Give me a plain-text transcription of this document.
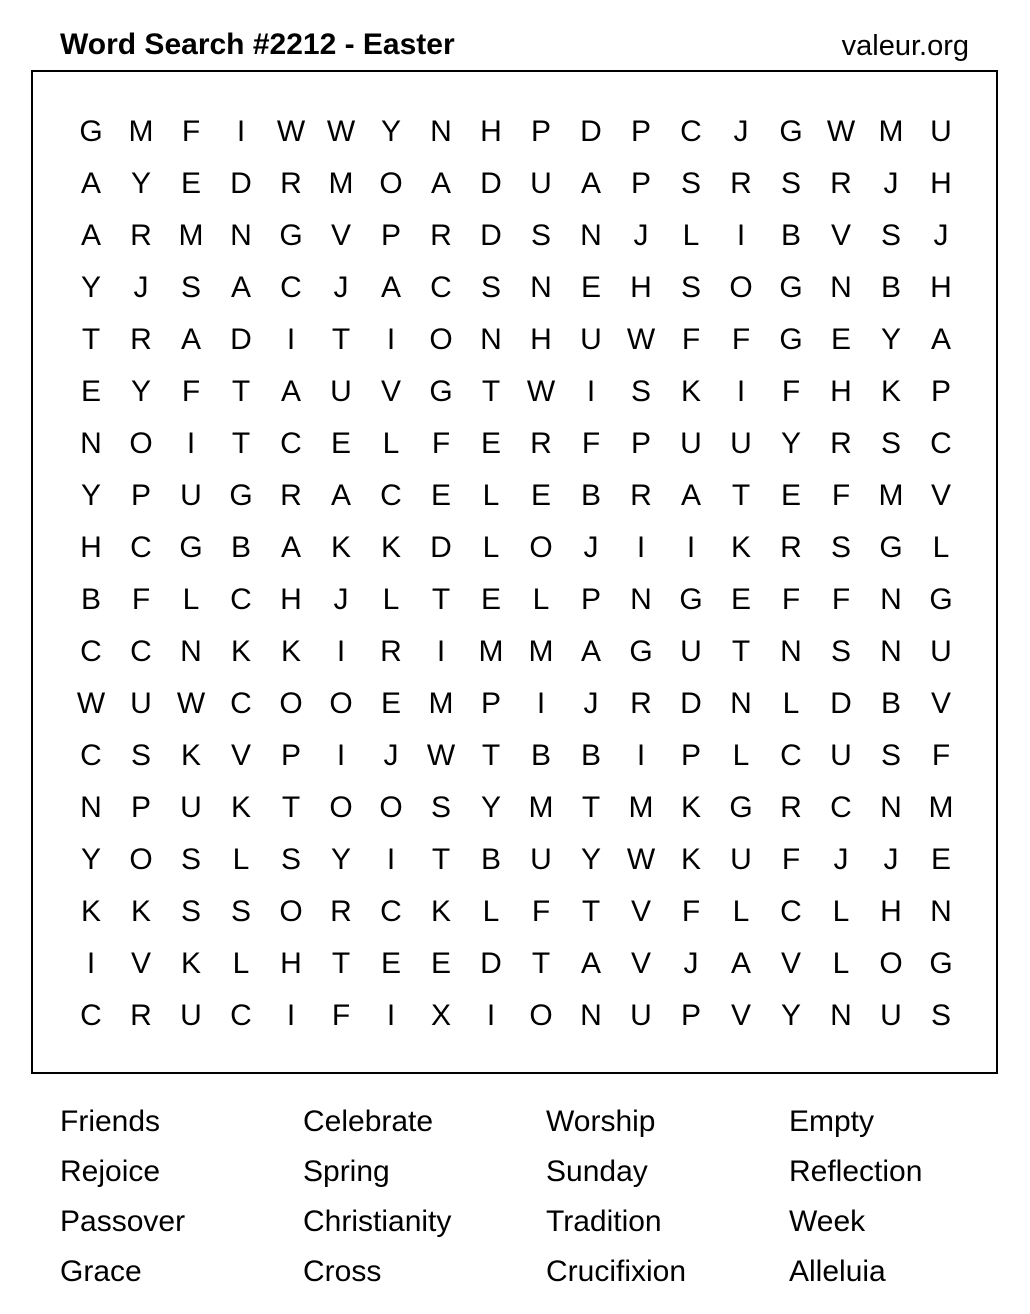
Word Search #2212 - Easter	valeur.org
G M F	I	W W Y N H P D P C	J	G W M U
A Y E D R M O A D U A P S R S R	J	H
A R M N G V P R D S N	J	L	I	B V S	J
Y	J	S A C	J	A C S N E H S O G N B H
T	R A D	I	T	I	O N H U W F	F G E Y A
E Y	F	T	A U V G T W	I	S K	I	F	H K P
N O	I	T	C E	L	F	E R	F	P U U Y R S C
Y P U G R A C E	L	E B R A	T	E	F M V
H C G B A K K D	L O	J	I	I	K R S G L
B	F	L	C H	J	L	T	E	L	P N G E	F	F	N G
C C N K K	I	R	I	M M A G U	T	N S N U
W U W C O O E M P	I	J	R D N	L	D B V
C S K V P	I	J W T	B B	I	P	L	C U S	F
N P U K	T O O S Y M T M K G R C N M
Y O S	L	S Y	I	T	B U Y W K U	F	J	J	E
K K S S O R C K	L	F	T	V	F	L	C	L	H N
I	V K	L	H	T	E E D	T	A V	J	A V	L O G
C R U C	I	F	I	X	I	O N U P V Y N U S
Friends	Celebrate	Worship	Empty
Rejoice	Spring	Sunday	Reflection
Passover	Christianity	Tradition	Week
Grace	Cross	Crucifixion	Alleluia
